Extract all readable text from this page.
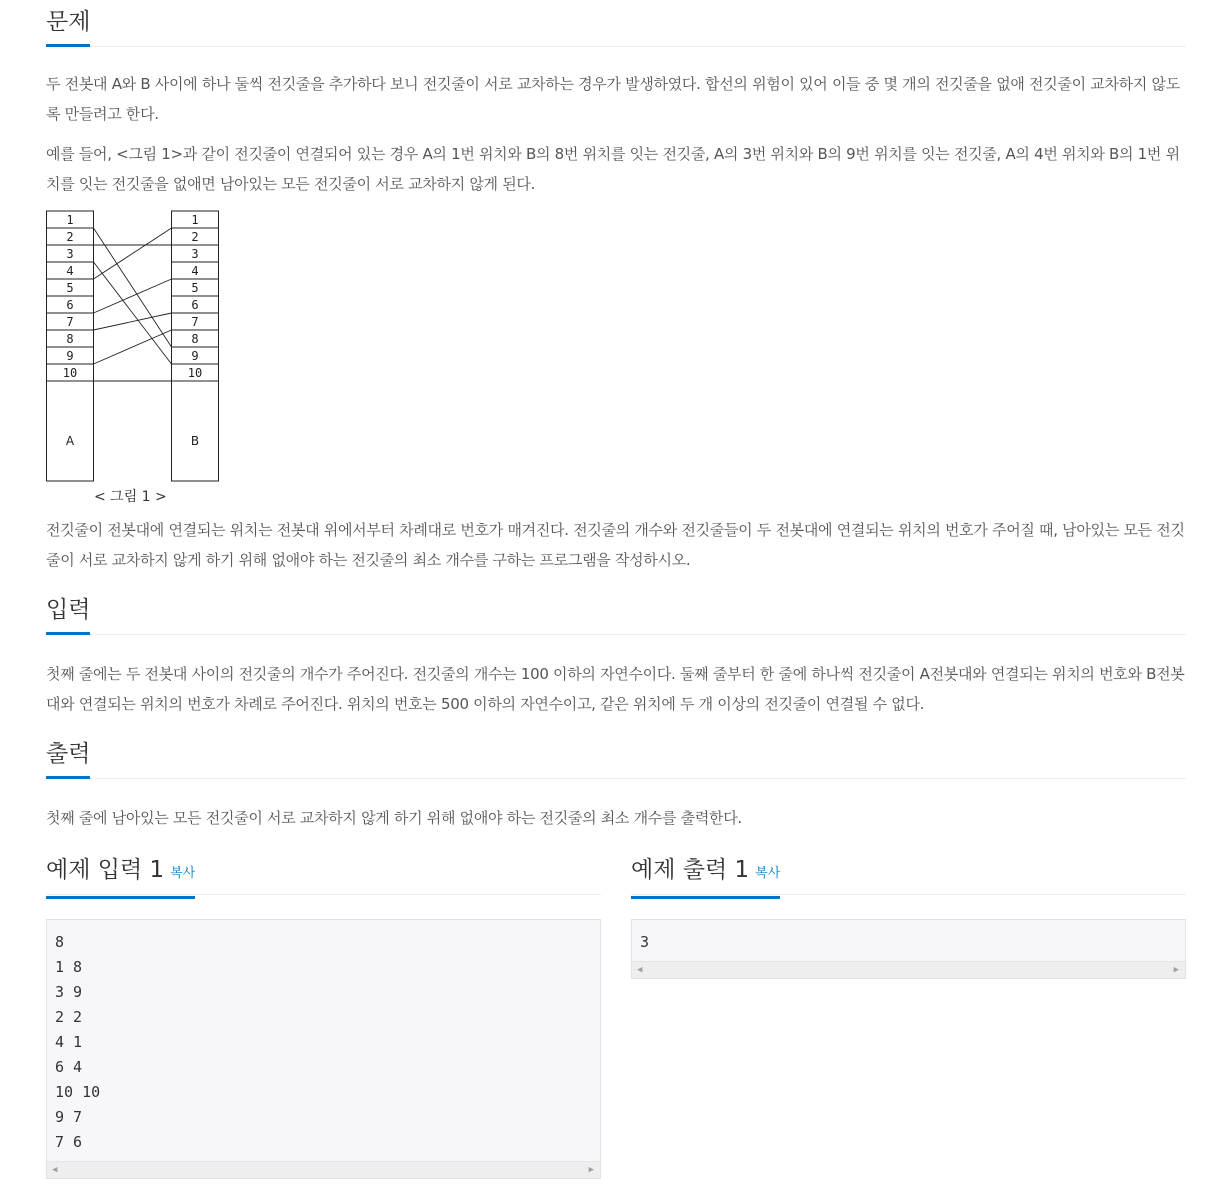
문제

두 전봇대 A와 B 사이에 하나 둘씩 전깃줄을 추가하다 보니 전깃줄이 서로 교차하는 경우가 발생하였다. 합선의 위험이 있어 이들 중 몇 개의 전깃줄을 없애 전깃줄이 교차하지 않도록 만들려고 한다.

예를 들어, <그림 1>과 같이 전깃줄이 연결되어 있는 경우 A의 1번 위치와 B의 8번 위치를 잇는 전깃줄, A의 3번 위치와 B의 9번 위치를 잇는 전깃줄, A의 4번 위치와 B의 1번 위치를 잇는 전깃줄을 없애면 남아있는 모든 전깃줄이 서로 교차하지 않게 된다.

1
2
3
4
5
6
7
8
9
10
A
1
2
3
4
5
6
7
8
9
10
B
< 그림 1 >

전깃줄이 전봇대에 연결되는 위치는 전봇대 위에서부터 차례대로 번호가 매겨진다. 전깃줄의 개수와 전깃줄들이 두 전봇대에 연결되는 위치의 번호가 주어질 때, 남아있는 모든 전깃줄이 서로 교차하지 않게 하기 위해 없애야 하는 전깃줄의 최소 개수를 구하는 프로그램을 작성하시오.

입력

첫째 줄에는 두 전봇대 사이의 전깃줄의 개수가 주어진다. 전깃줄의 개수는 100 이하의 자연수이다. 둘째 줄부터 한 줄에 하나씩 전깃줄이 A전봇대와 연결되는 위치의 번호와 B전봇대와 연결되는 위치의 번호가 차례로 주어진다. 위치의 번호는 500 이하의 자연수이고, 같은 위치에 두 개 이상의 전깃줄이 연결될 수 없다.

출력

첫째 줄에 남아있는 모든 전깃줄이 서로 교차하지 않게 하기 위해 없애야 하는 전깃줄의 최소 개수를 출력한다.

예제 입력 1 복사
8
1 8
3 9
2 2
4 1
6 4
10 10
9 7
7 6
◀	▶
예제 출력 1 복사
3
◀	▶
